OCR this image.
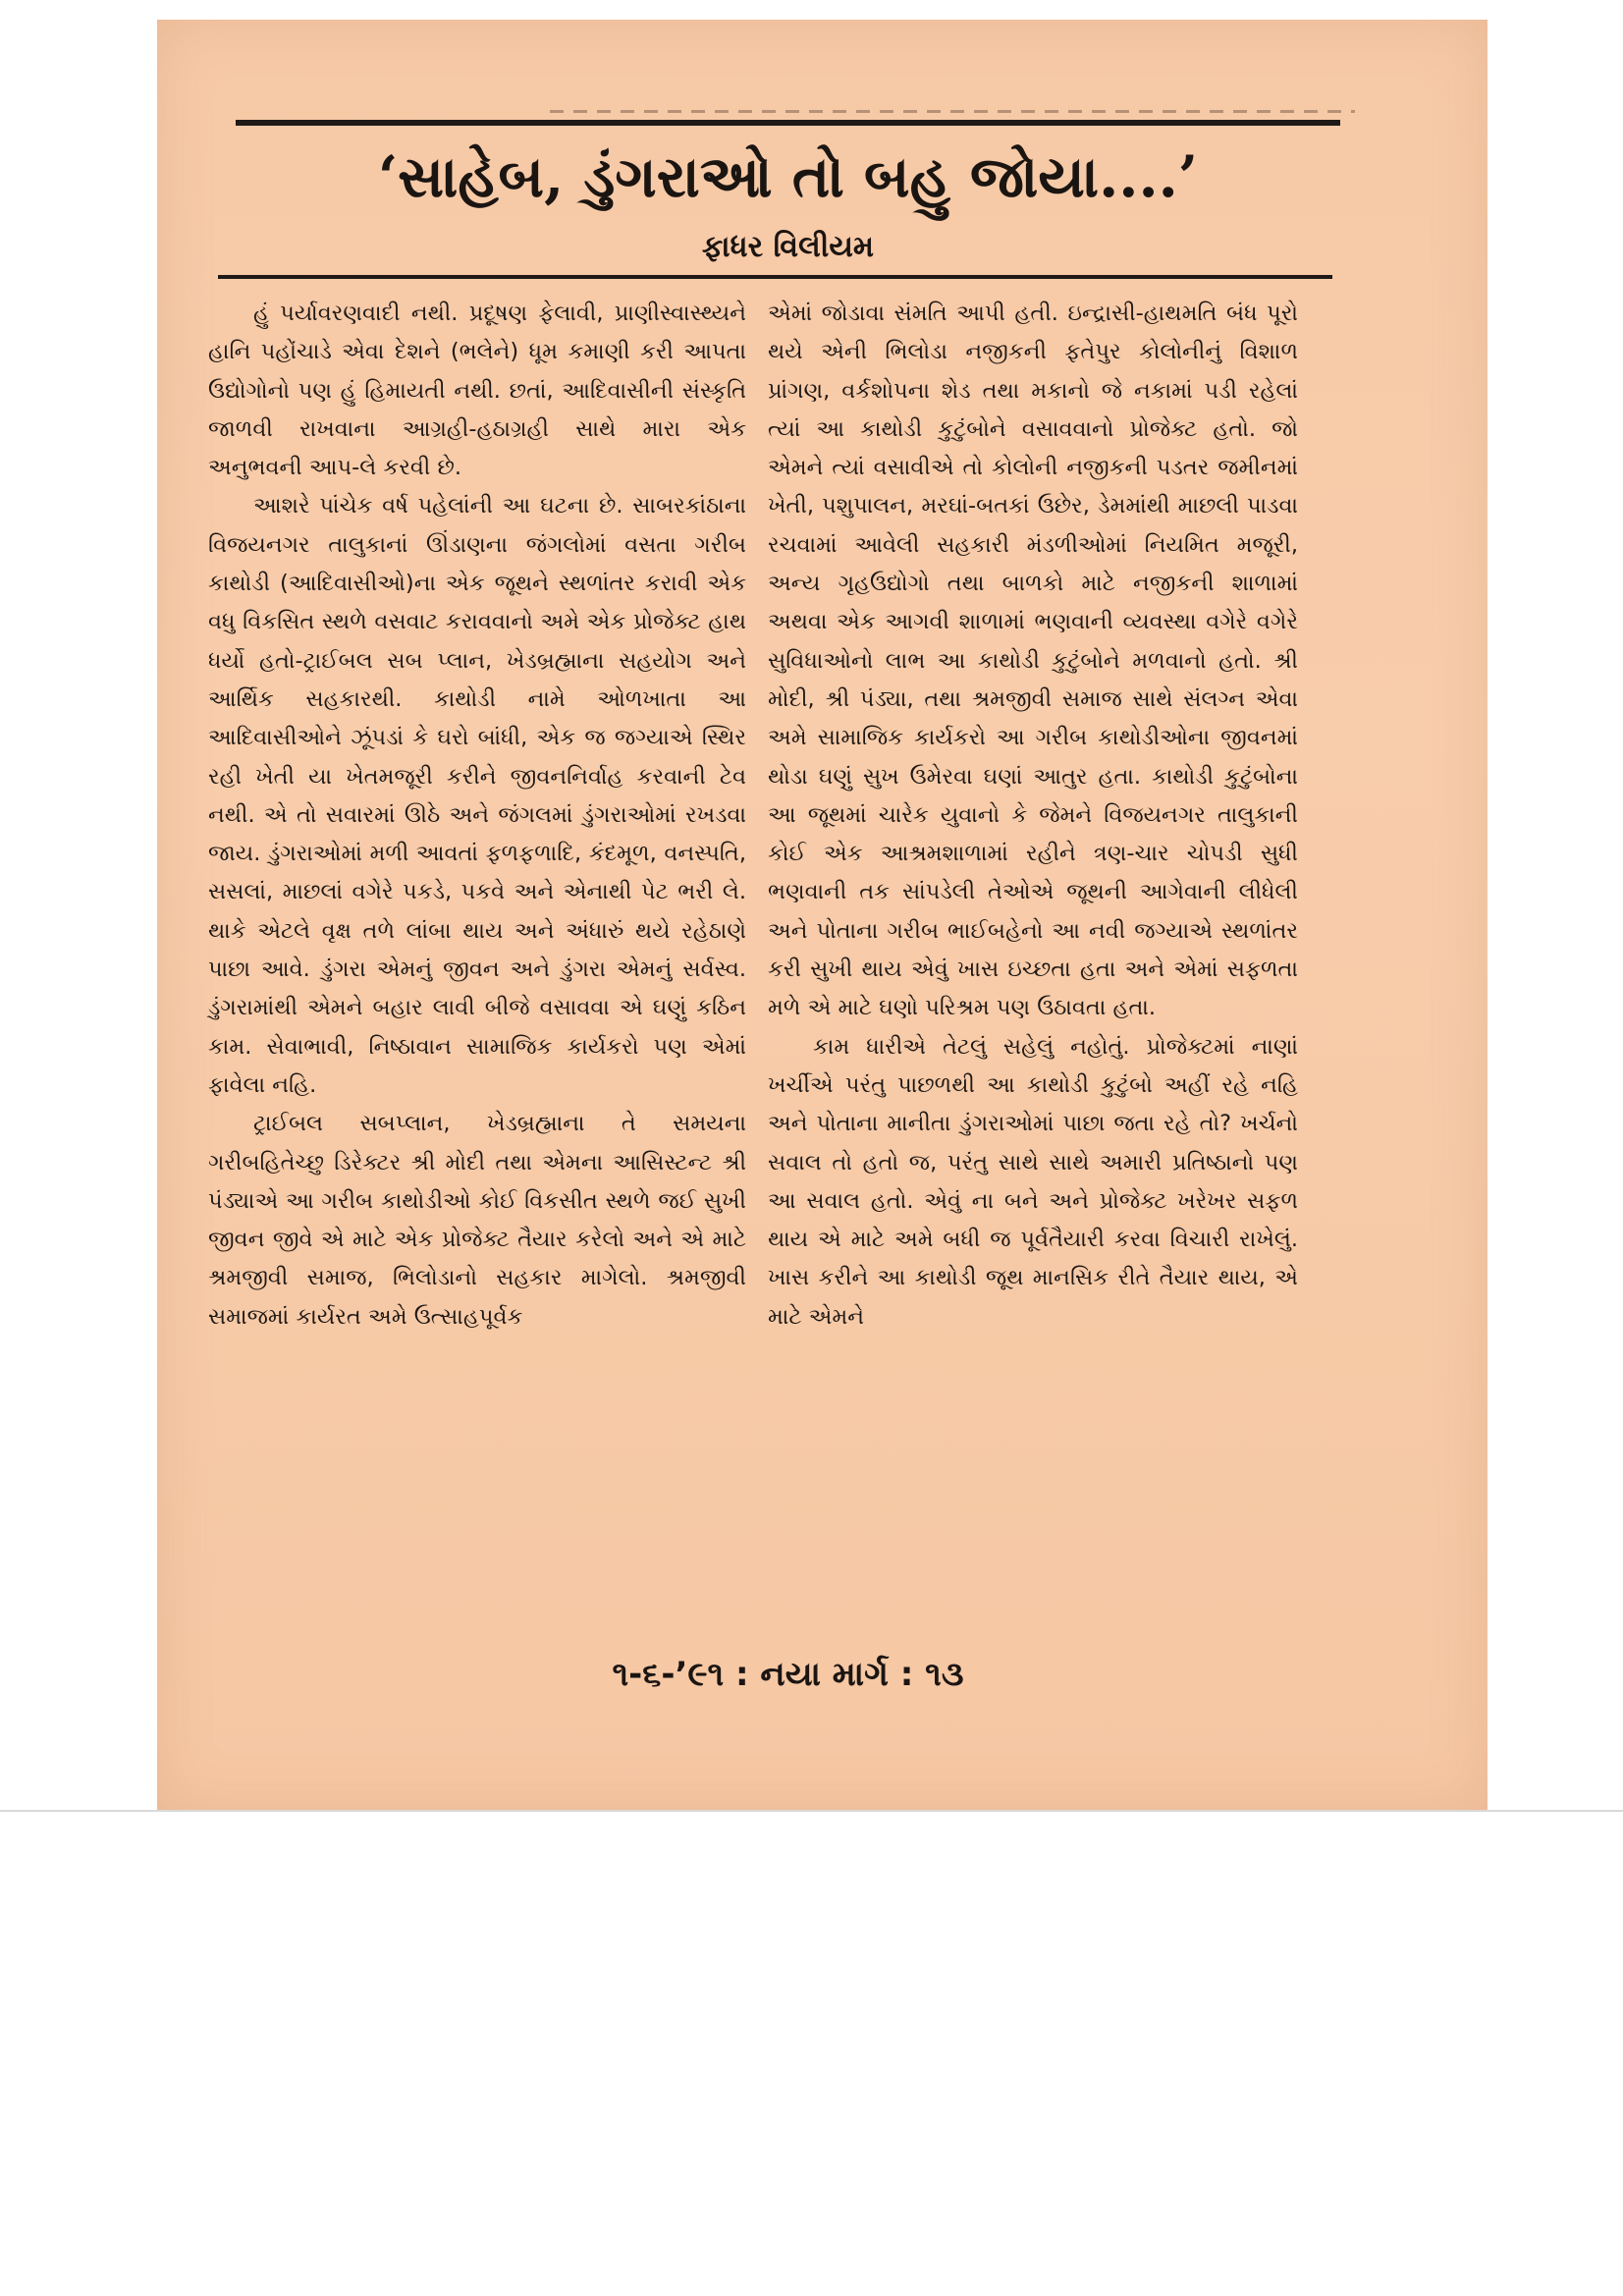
‘સાહેબ, ડુંગરાઓ તો બહુ જોયા....’
ફાધર વિલીયમ

હું પર્યાવરણવાદી નથી. પ્રદૂષણ ફેલાવી, પ્રાણીસ્વાસ્થ્યને હાનિ પહોંચાડે એવા દેશને (ભલેને) ધૂમ કમાણી કરી આપતા ઉદ્યોગોનો પણ હું હિમાયતી નથી. છતાં, આદિવાસીની સંસ્કૃતિ જાળવી રાખવાના આગ્રહી-હઠાગ્રહી સાથે મારા એક અનુભવની આપ-લે કરવી છે.

આશરે પાંચેક વર્ષ પહેલાંની આ ઘટના છે. સાબરકાંઠાના વિજયનગર તાલુકાનાં ઊંડાણના જંગલોમાં વસતા ગરીબ કાથોડી (આદિવાસીઓ)ના એક જૂથને સ્થળાંતર કરાવી એક વધુ વિકસિત સ્થળે વસવાટ કરાવવાનો અમે એક પ્રોજેક્ટ હાથ ધર્યો હતો-ટ્રાઈબલ સબ પ્લાન, ખેડબ્રહ્માના સહયોગ અને આર્થિક સહકારથી. કાથોડી નામે ઓળખાતા આ આદિવાસીઓને ઝૂંપડાં કે ઘરો બાંધી, એક જ જગ્યાએ સ્થિર રહી ખેતી યા ખેતમજૂરી કરીને જીવનનિર્વાહ કરવાની ટેવ નથી. એ તો સવારમાં ઊઠે અને જંગલમાં ડુંગરાઓમાં રખડવા જાય. ડુંગરાઓમાં મળી આવતાં ફળફળાદિ, કંદમૂળ, વનસ્પતિ, સસલાં, માછલાં વગેરે પકડે, પકવે અને એનાથી પેટ ભરી લે. થાકે એટલે વૃક્ષ તળે લાંબા થાય અને અંધારું થયે રહેઠાણે પાછા આવે. ડુંગરા એમનું જીવન અને ડુંગરા એમનું સર્વસ્વ. ડુંગરામાંથી એમને બહાર લાવી બીજે વસાવવા એ ઘણું કઠિન કામ. સેવાભાવી, નિષ્ઠાવાન સામાજિક કાર્યકરો પણ એમાં ફાવેલા નહિ.

ટ્રાઈબલ સબપ્લાન, ખેડબ્રહ્માના તે સમયના ગરીબહિતેચ્છુ ડિરેક્ટર શ્રી મોદી તથા એમના આસિસ્ટન્ટ શ્રી પંડ્યાએ આ ગરીબ કાથોડીઓ કોઈ વિકસીત સ્થળે જઈ સુખી જીવન જીવે એ માટે એક પ્રોજેક્ટ તૈયાર કરેલો અને એ માટે શ્રમજીવી સમાજ, ભિલોડાનો સહકાર માગેલો. શ્રમજીવી સમાજમાં કાર્યરત અમે ઉત્સાહપૂર્વક

એમાં જોડાવા સંમતિ આપી હતી. ઇન્દ્રાસી-હાથમતિ બંધ પૂરો થયે એની ભિલોડા નજીકની ફતેપુર કોલોનીનું વિશાળ પ્રાંગણ, વર્કશોપના શેડ તથા મકાનો જે નકામાં પડી રહેલાં ત્યાં આ કાથોડી કુટુંબોને વસાવવાનો પ્રોજેક્ટ હતો. જો એમને ત્યાં વસાવીએ તો કોલોની નજીકની પડતર જમીનમાં ખેતી, પશુપાલન, મરઘાં-બતકાં ઉછેર, ડેમમાંથી માછલી પાડવા રચવામાં આવેલી સહકારી મંડળીઓમાં નિયમિત મજૂરી, અન્ય ગૃહઉદ્યોગો તથા બાળકો માટે નજીકની શાળામાં અથવા એક આગવી શાળામાં ભણવાની વ્યવસ્થા વગેરે વગેરે સુવિધાઓનો લાભ આ કાથોડી કુટુંબોને મળવાનો હતો. શ્રી મોદી, શ્રી પંડ્યા, તથા શ્રમજીવી સમાજ સાથે સંલગ્ન એવા અમે સામાજિક કાર્યકરો આ ગરીબ કાથોડીઓના જીવનમાં થોડા ઘણું સુખ ઉમેરવા ઘણાં આતુર હતા. કાથોડી કુટુંબોના આ જૂથમાં ચારેક યુવાનો કે જેમને વિજયનગર તાલુકાની કોઈ એક આશ્રમશાળામાં રહીને ત્રણ-ચાર ચોપડી સુધી ભણવાની તક સાંપડેલી તેઓએ જૂથની આગેવાની લીધેલી અને પોતાના ગરીબ ભાઈબહેનો આ નવી જગ્યાએ સ્થળાંતર કરી સુખી થાય એવું ખાસ ઇચ્છતા હતા અને એમાં સફળતા મળે એ માટે ઘણો પરિશ્રમ પણ ઉઠાવતા હતા.

કામ ધારીએ તેટલું સહેલું નહોતું. પ્રોજેક્ટમાં નાણાં ખર્ચીએ પરંતુ પાછળથી આ કાથોડી કુટુંબો અહીં રહે નહિ અને પોતાના માનીતા ડુંગરાઓમાં પાછા જતા રહે તો? ખર્ચનો સવાલ તો હતો જ, પરંતુ સાથે સાથે અમારી પ્રતિષ્ઠાનો પણ આ સવાલ હતો. એવું ના બને અને પ્રોજેક્ટ ખરેખર સફળ થાય એ માટે અમે બધી જ પૂર્વતૈયારી કરવા વિચારી રાખેલું. ખાસ કરીને આ કાથોડી જૂથ માનસિક રીતે તૈયાર થાય, એ માટે એમને

૧-૬-’૯૧ : નયા માર્ગ : ૧૩
